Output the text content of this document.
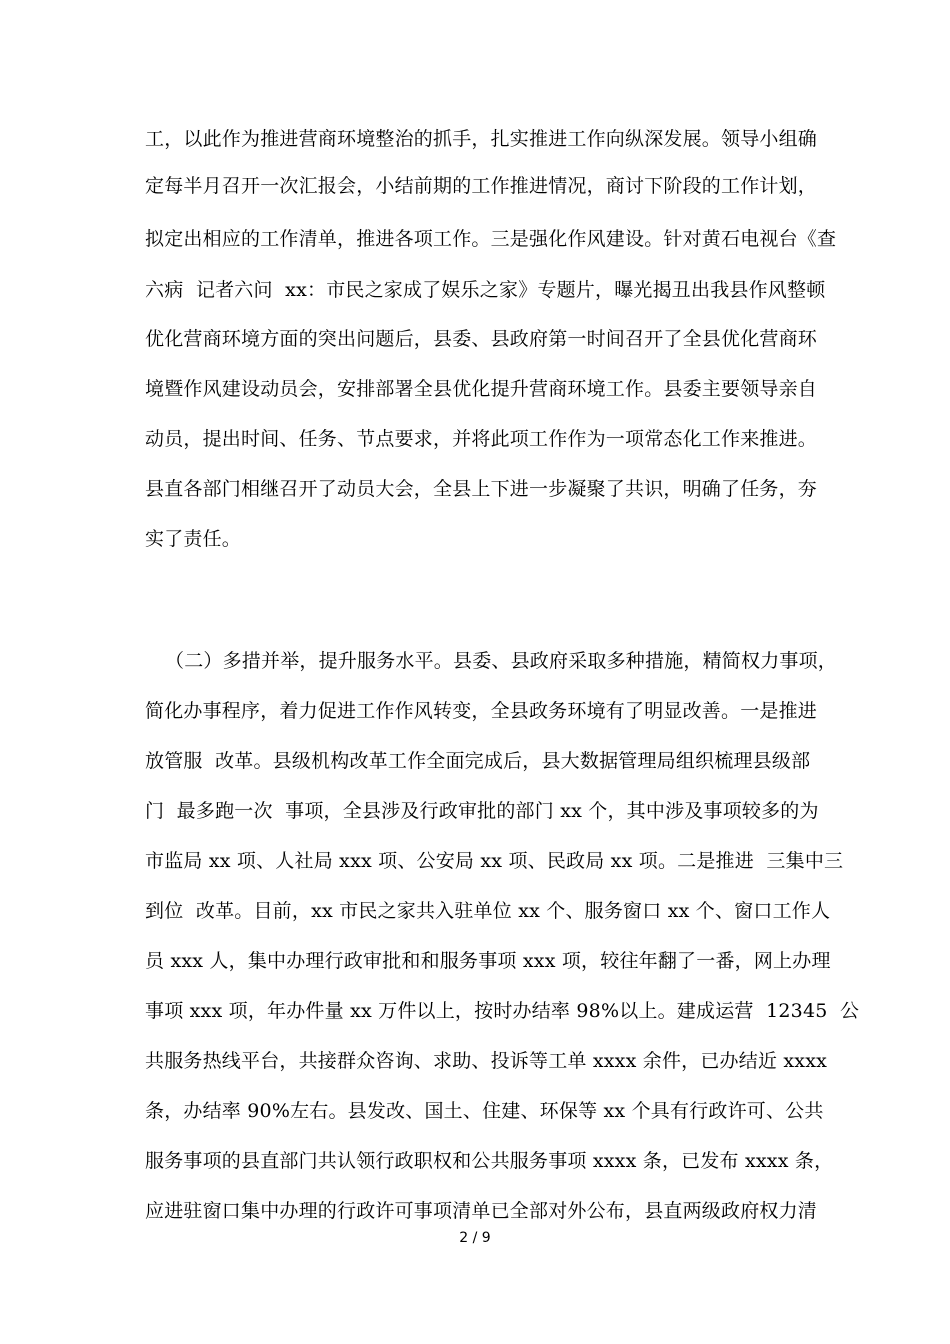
工，以此作为推进营商环境整治的抓手，扎实推进工作向纵深发展。领导小组确
定每半月召开一次汇报会，小结前期的工作推进情况，商讨下阶段的工作计划，
拟定出相应的工作清单，推进各项工作。三是强化作风建设。针对黄石电视台《查
六病  记者六问  xx：市民之家成了娱乐之家》专题片，曝光揭丑出我县作风整顿
优化营商环境方面的突出问题后，县委、县政府第一时间召开了全县优化营商环
境暨作风建设动员会，安排部署全县优化提升营商环境工作。县委主要领导亲自
动员，提出时间、任务、节点要求，并将此项工作作为一项常态化工作来推进。
县直各部门相继召开了动员大会，全县上下进一步凝聚了共识，明确了任务，夯
实了责任。
（二）多措并举，提升服务水平。县委、县政府采取多种措施，精简权力事项，
简化办事程序，着力促进工作作风转变，全县政务环境有了明显改善。一是推进
放管服  改革。县级机构改革工作全面完成后，县大数据管理局组织梳理县级部
门  最多跑一次  事项，全县涉及行政审批的部门 xx 个，其中涉及事项较多的为
市监局 xx 项、人社局 xxx 项、公安局 xx 项、民政局 xx 项。二是推进  三集中三
到位  改革。目前，xx 市民之家共入驻单位 xx 个、服务窗口 xx 个、窗口工作人
员 xxx 人，集中办理行政审批和和服务事项 xxx 项，较往年翻了一番，网上办理
事项 xxx 项，年办件量 xx 万件以上，按时办结率 98%以上。建成运营  12345  公
共服务热线平台，共接群众咨询、求助、投诉等工单 xxxx 余件，已办结近 xxxx
条，办结率 90%左右。县发改、国土、住建、环保等 xx 个具有行政许可、公共
服务事项的县直部门共认领行政职权和公共服务事项 xxxx 条，已发布 xxxx 条，
应进驻窗口集中办理的行政许可事项清单已全部对外公布，县直两级政府权力清
2 / 9
